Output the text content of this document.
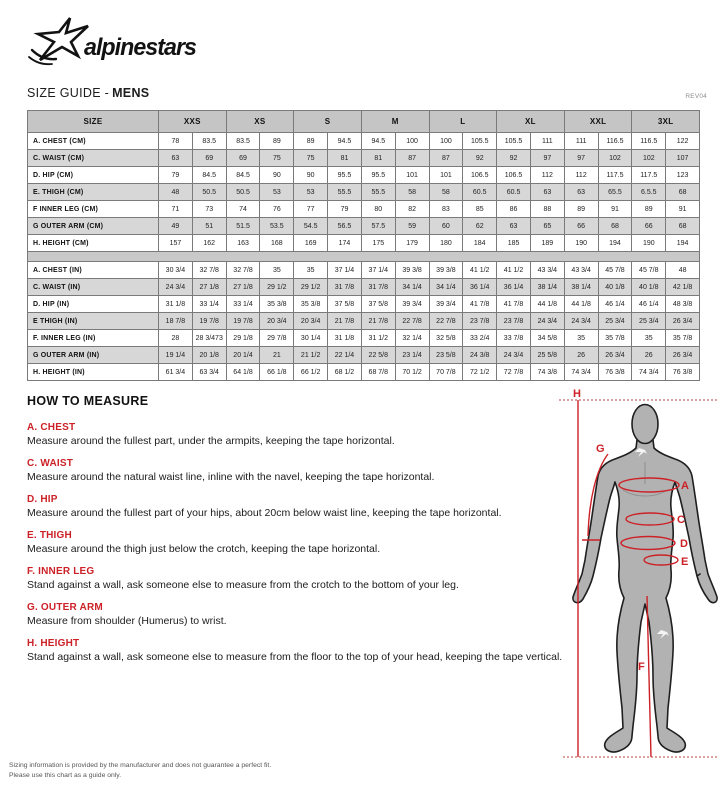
alpinestars
SIZE GUIDE - MENS	REV04
SIZE	XXS		XS		S		M		L		XL		XXL		3XL	
A. CHEST (CM)	78	83.5	83.5	89	89	94.5	94.5	100	100	105.5	105.5	111	111	116.5	116.5	122
C. WAIST (CM)	63	69	69	75	75	81	81	87	87	92	92	97	97	102	102	107
D. HIP (CM)	79	84.5	84.5	90	90	95.5	95.5	101	101	106.5	106.5	112	112	117.5	117.5	123
E. THIGH (CM)	48	50.5	50.5	53	53	55.5	55.5	58	58	60.5	60.5	63	63	65.5	6.5.5	68
F INNER LEG (CM)	71	73	74	76	77	79	80	82	83	85	86	88	89	91	89	91
G OUTER ARM (CM)	49	51	51.5	53.5	54.5	56.5	57.5	59	60	62	63	65	66	68	66	68
H. HEIGHT (CM)	157	162	163	168	169	174	175	179	180	184	185	189	190	194	190	194

A. CHEST (IN)	30 3/4	32 7/8	32 7/8	35	35	37 1/4	37 1/4	39 3/8	39 3/8	41 1/2	41 1/2	43 3/4	43 3/4	45 7/8	45 7/8	48
C. WAIST (IN)	24 3/4	27 1/8	27 1/8	29 1/2	29 1/2	31 7/8	31 7/8	34 1/4	34 1/4	36 1/4	36 1/4	38 1/4	38 1/4	40 1/8	40 1/8	42 1/8
D. HIP (IN)	31 1/8	33 1/4	33 1/4	35 3/8	35 3/8	37 5/8	37 5/8	39 3/4	39 3/4	41 7/8	41 7/8	44 1/8	44 1/8	46 1/4	46 1/4	48 3/8
E THIGH (IN)	18 7/8	19 7/8	19 7/8	20 3/4	20 3/4	21 7/8	21 7/8	22 7/8	22 7/8	23 7/8	23 7/8	24 3/4	24 3/4	25 3/4	25 3/4	26 3/4
F. INNER LEG (IN)	28	28 3/473	29 1/8	29 7/8	30 1/4	31 1/8	31 1/2	32 1/4	32 5/8	33 2/4	33 7/8	34 5/8	35	35 7/8	35	35 7/8
G OUTER ARM (IN)	19 1/4	20 1/8	20 1/4	21	21 1/2	22 1/4	22 5/8	23 1/4	23 5/8	24 3/8	24 3/4	25 5/8	26	26 3/4	26	26 3/4
H. HEIGHT (IN)	61 3/4	63 3/4	64 1/8	66 1/8	66 1/2	68 1/2	68 7/8	70 1/2	70 7/8	72 1/2	72 7/8	74 3/8	74 3/4	76 3/8	74 3/4	76 3/8
HOW TO MEASURE
A. CHEST
Measure around the fullest part, under the armpits, keeping the tape horizontal.
C. WAIST
Measure around the natural waist line, inline with the navel, keeping the tape horizontal.
D. HIP
Measure around the fullest part of your hips, about 20cm below waist line, keeping the tape horizontal.
E. THIGH
Measure around the thigh just below the crotch, keeping the tape horizontal.
F. INNER LEG
Stand against a wall, ask someone else to measure from the crotch to the bottom of your leg.
G. OUTER ARM
Measure from shoulder (Humerus) to wrist.
H. HEIGHT
Stand against a wall, ask someone else to measure from the floor to the top of your head, keeping the tape vertical.
H
G
A
C
D
E
F
Sizing information is provided by the manufacturer and does not guarantee a perfect fit.
Please use this chart as a guide only.
